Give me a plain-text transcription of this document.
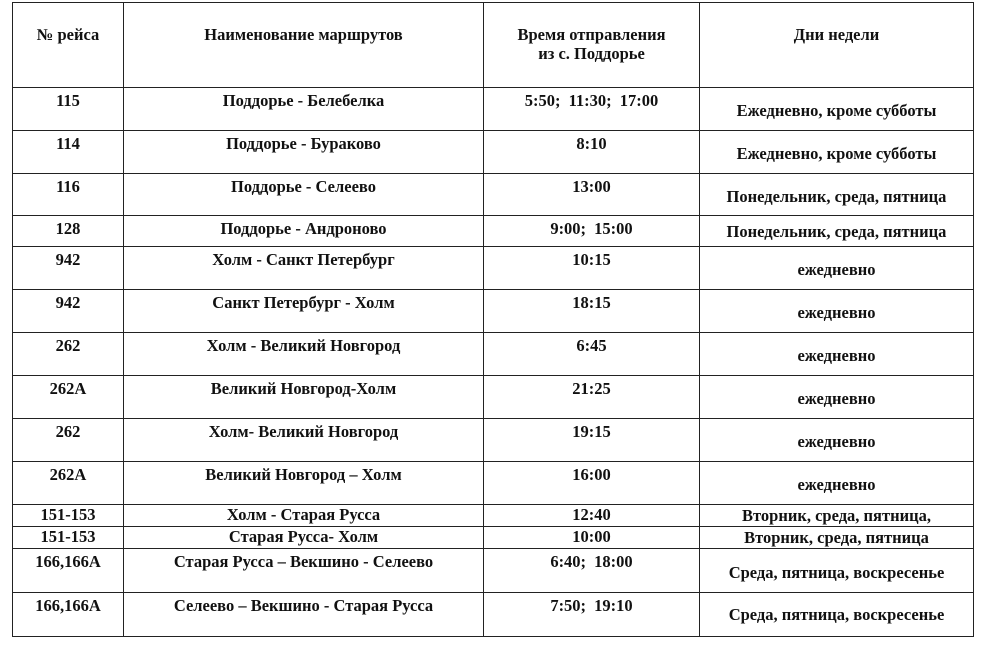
№ рейса	Наименование маршрутов	Время отправления из с. Поддорье	Дни недели

115	Поддорье - Белебелка	5:50; 11:30; 17:00	Ежедневно, кроме субботы

114	Поддорье - Бураково	8:10	Ежедневно, кроме субботы

116	Поддорье - Селеево	13:00	Понедельник, среда, пятница

128	Поддорье - Андроново	9:00; 15:00	Понедельник, среда, пятница

942	Холм - Санкт Петербург	10:15	ежедневно

942	Санкт Петербург - Холм	18:15	ежедневно

262	Холм - Великий Новгород	6:45	ежедневно

262А	Великий Новгород-Холм	21:25	ежедневно

262	Холм- Великий Новгород	19:15	ежедневно

262А	Великий Новгород – Холм	16:00	ежедневно

151-153	Холм - Старая Русса	12:40	Вторник, среда, пятница,

151-153	Старая Русса- Холм	10:00	Вторник, среда, пятница

166,166А	Старая Русса – Векшино - Селеево	6:40; 18:00	Среда, пятница, воскресенье

166,166А	Селеево – Векшино - Старая Русса	7:50; 19:10	Среда, пятница, воскресенье
